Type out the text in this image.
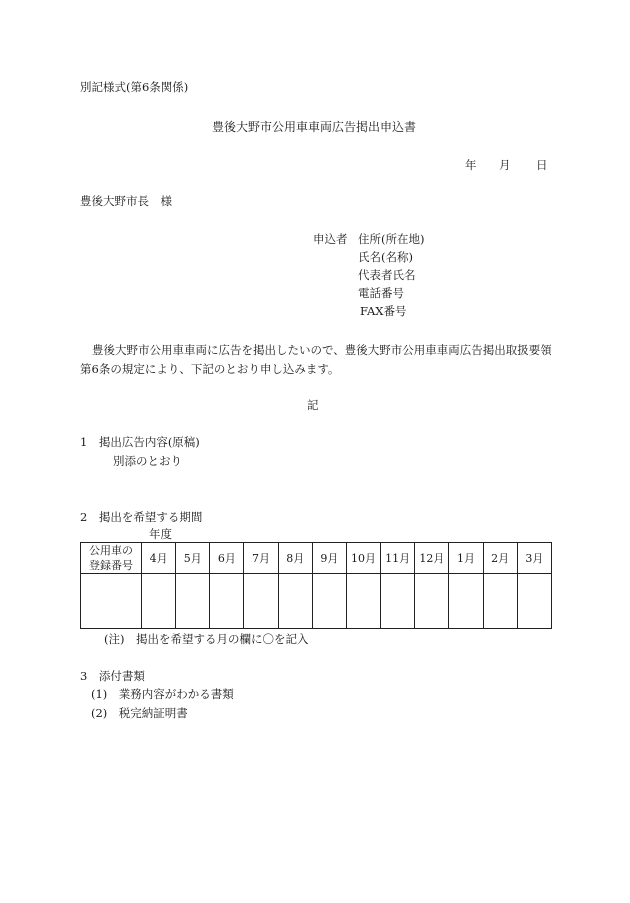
別記様式(第6条関係)
豊後大野市公用車車両広告掲出申込書
年 月 日
豊後大野市長　様
申込者 住所(所在地)
氏名(名称)
代表者氏名
電話番号
FAX番号
豊後大野市公用車車両に広告を掲出したいので、豊後大野市公用車車両広告掲出取扱要領第6条の規定により、下記のとおり申し込みます。
記
1　掲出広告内容(原稿)
別添のとおり
2　掲出を希望する期間
年度
公用車の
登録番号	4月	5月	6月	7月	8月	9月	10月	11月	12月	1月	2月	3月

(注)　掲出を希望する月の欄に〇を記入
3　添付書類
(1)　業務内容がわかる書類
(2)　税完納証明書
